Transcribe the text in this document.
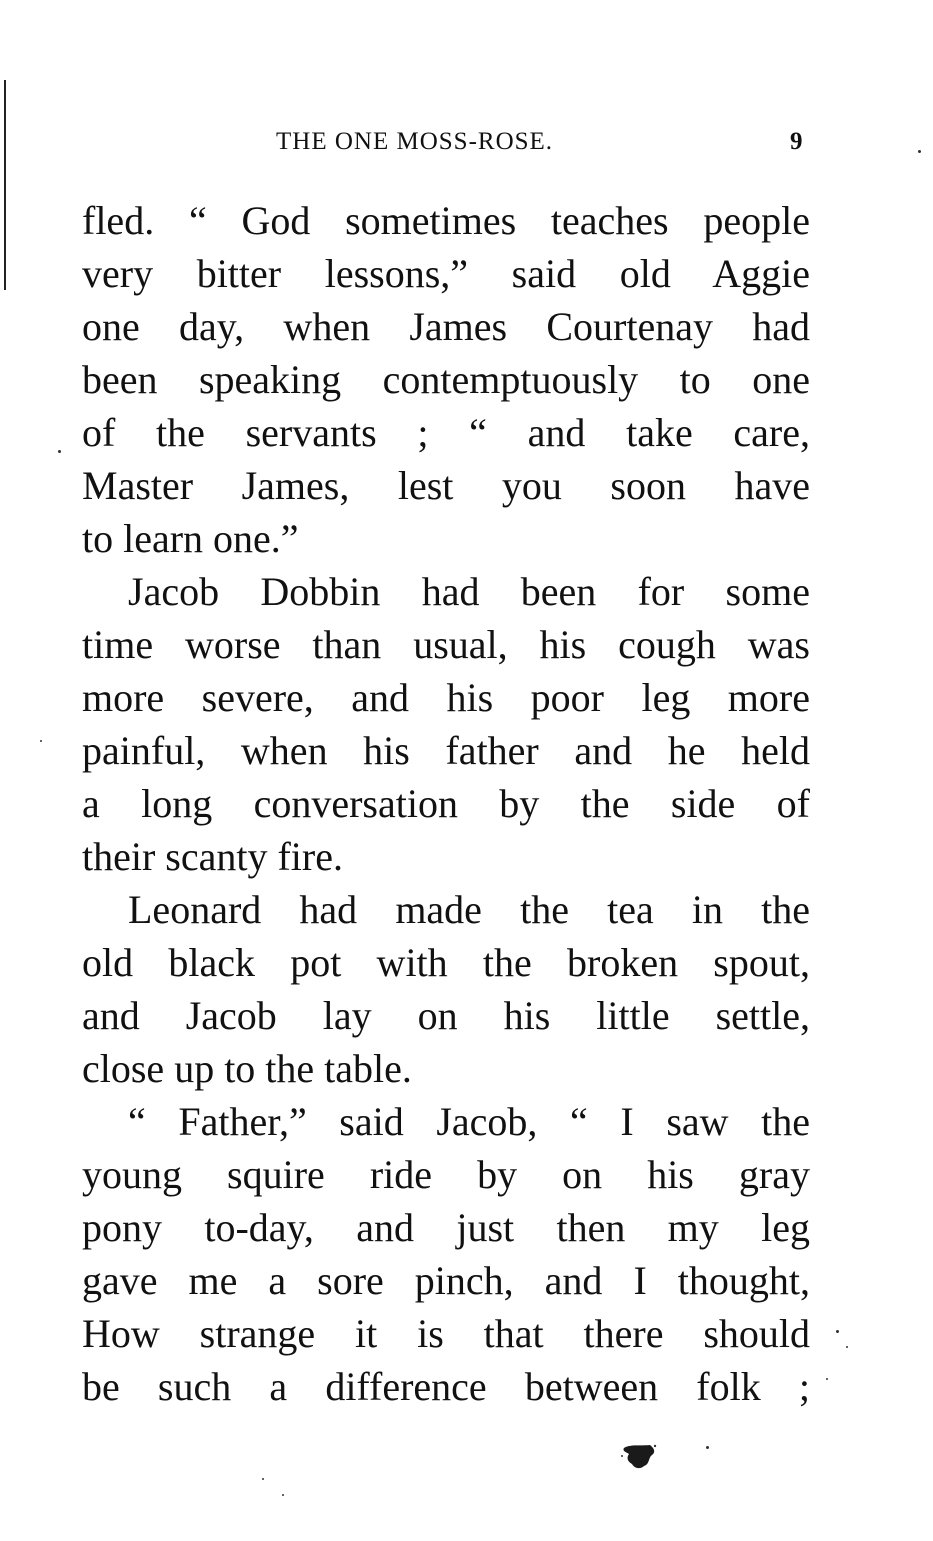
THE ONE MOSS-ROSE.	9
fled. “ God sometimes teaches people
very bitter lessons,” said old Aggie
one day, when James Courtenay had
been speaking contemptuously to one
of the servants ; “ and take care,
Master James, lest you soon have
to learn one.”
Jacob Dobbin had been for some
time worse than usual, his cough was
more severe, and his poor leg more
painful, when his father and he held
a long conversation by the side of
their scanty fire.
Leonard had made the tea in the
old black pot with the broken spout,
and Jacob lay on his little settle,
close up to the table.
“ Father,” said Jacob, “ I saw the
young squire ride by on his gray
pony to-day, and just then my leg
gave me a sore pinch, and I thought,
How strange it is that there should
be such a difference between folk ;
